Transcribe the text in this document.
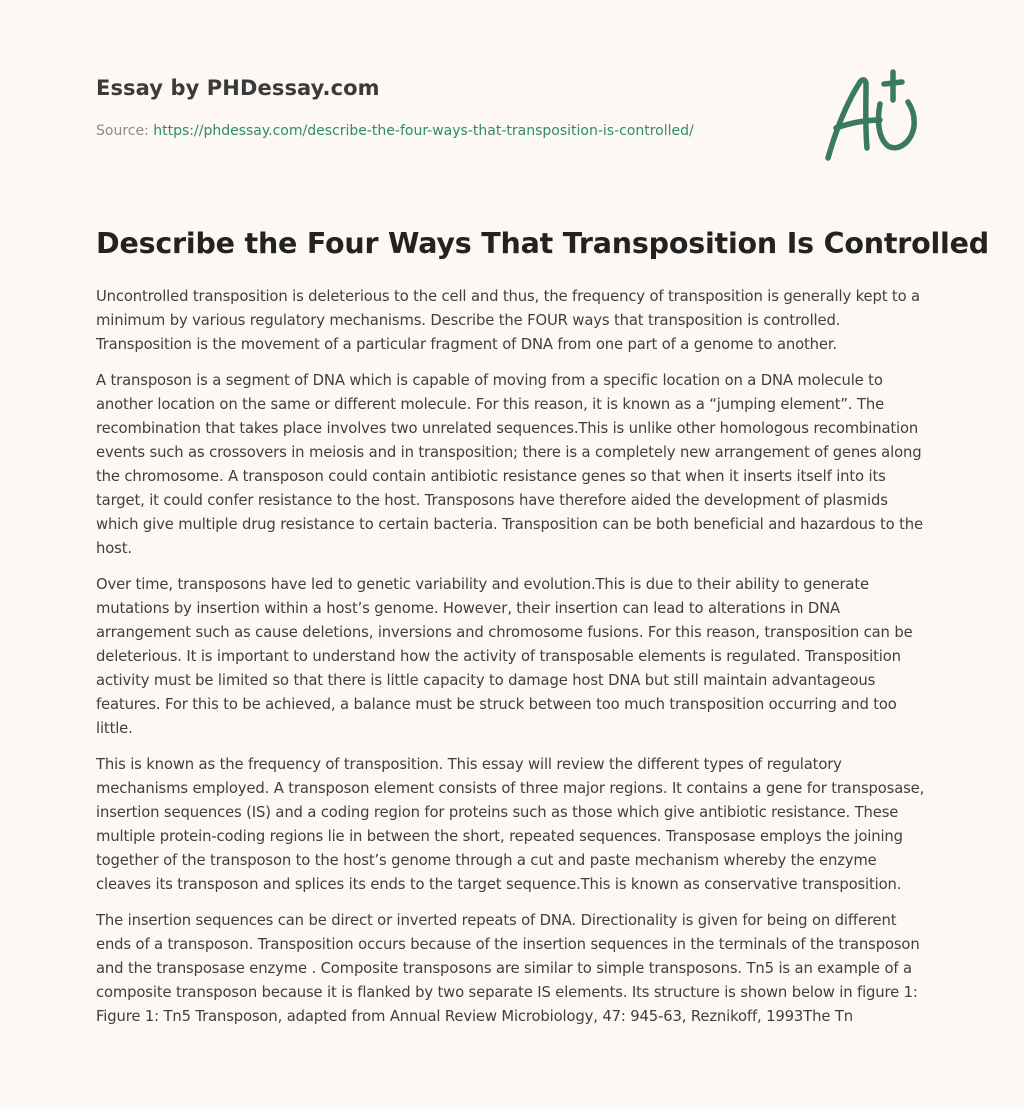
Essay by PHDessay.com
Source: https://phdessay.com/describe-the-four-ways-that-transposition-is-controlled/
Describe the Four Ways That Transposition Is Controlled

Uncontrolled transposition is deleterious to the cell and thus, the frequency of transposition is generally kept to a minimum by various regulatory mechanisms. Describe the FOUR ways that transposition is controlled. Transposition is the movement of a particular fragment of DNA from one part of a genome to another.

A transposon is a segment of DNA which is capable of moving from a specific location on a DNA molecule to another location on the same or different molecule. For this reason, it is known as a “jumping element”. The recombination that takes place involves two unrelated sequences.This is unlike other homologous recombination events such as crossovers in meiosis and in transposition; there is a completely new arrangement of genes along the chromosome. A transposon could contain antibiotic resistance genes so that when it inserts itself into its target, it could confer resistance to the host. Transposons have therefore aided the development of plasmids which give multiple drug resistance to certain bacteria. Transposition can be both beneficial and hazardous to the host.

Over time, transposons have led to genetic variability and evolution.This is due to their ability to generate mutations by insertion within a host’s genome. However, their insertion can lead to alterations in DNA arrangement such as cause deletions, inversions and chromosome fusions. For this reason, transposition can be deleterious. It is important to understand how the activity of transposable elements is regulated. Transposition activity must be limited so that there is little capacity to damage host DNA but still maintain advantageous features. For this to be achieved, a balance must be struck between too much transposition occurring and too little.

This is known as the frequency of transposition. This essay will review the different types of regulatory mechanisms employed. A transposon element consists of three major regions. It contains a gene for transposase, insertion sequences (IS) and a coding region for proteins such as those which give antibiotic resistance. These multiple protein-coding regions lie in between the short, repeated sequences. Transposase employs the joining together of the transposon to the host’s genome through a cut and paste mechanism whereby the enzyme cleaves its transposon and splices its ends to the target sequence.This is known as conservative transposition.

The insertion sequences can be direct or inverted repeats of DNA. Directionality is given for being on different ends of a transposon. Transposition occurs because of the insertion sequences in the terminals of the transposon and the transposase enzyme . Composite transposons are similar to simple transposons. Tn5 is an example of a composite transposon because it is flanked by two separate IS elements. Its structure is shown below in figure 1: Figure 1: Tn5 Transposon, adapted from Annual Review Microbiology, 47: 945-63, Reznikoff, 1993The Tn
